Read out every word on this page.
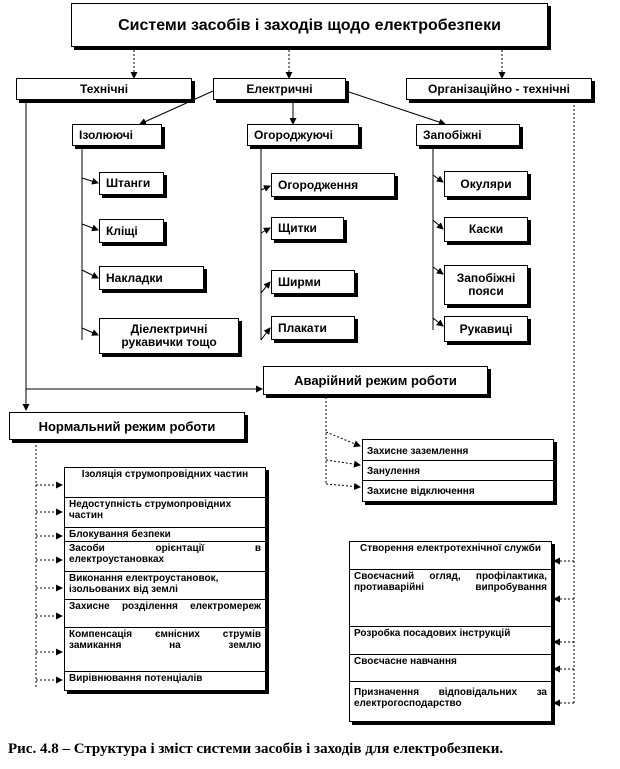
Системи засобів і заходів щодо електробезпеки
Технічні	Електричні	Організаційно - технічні
Ізолюючі	Огороджуючі	Запобіжні
Штанги
Кліщі
Накладки
Діелектричні рукавички тощо
Огородження
Щитки
Ширми
Плакати
Окуляри
Каски
Запобіжні пояси
Рукавиці
Аварійний режим роботи
Захисне заземлення
Занулення
Захисне відключення
Нормальний режим роботи
Ізоляція струмопровідних частин
Недоступність струмопровідних частин
Блокування безпеки
Засоби орієнтації в електроустановках
Виконання електроустановок, ізольованих від землі
Захисне розділення електромереж
Компенсація ємнісних струмів замикання на землю
Вирівнювання потенціалів
Створення електротехнічної служби
Своєчасний огляд, профілактика, протиаварійні випробування
Розробка посадових інструкцій
Своєчасне навчання
Призначення відповідальних за електрогосподарство
Рис. 4.8 – Структура і зміст системи засобів і заходів для електробезпеки.
